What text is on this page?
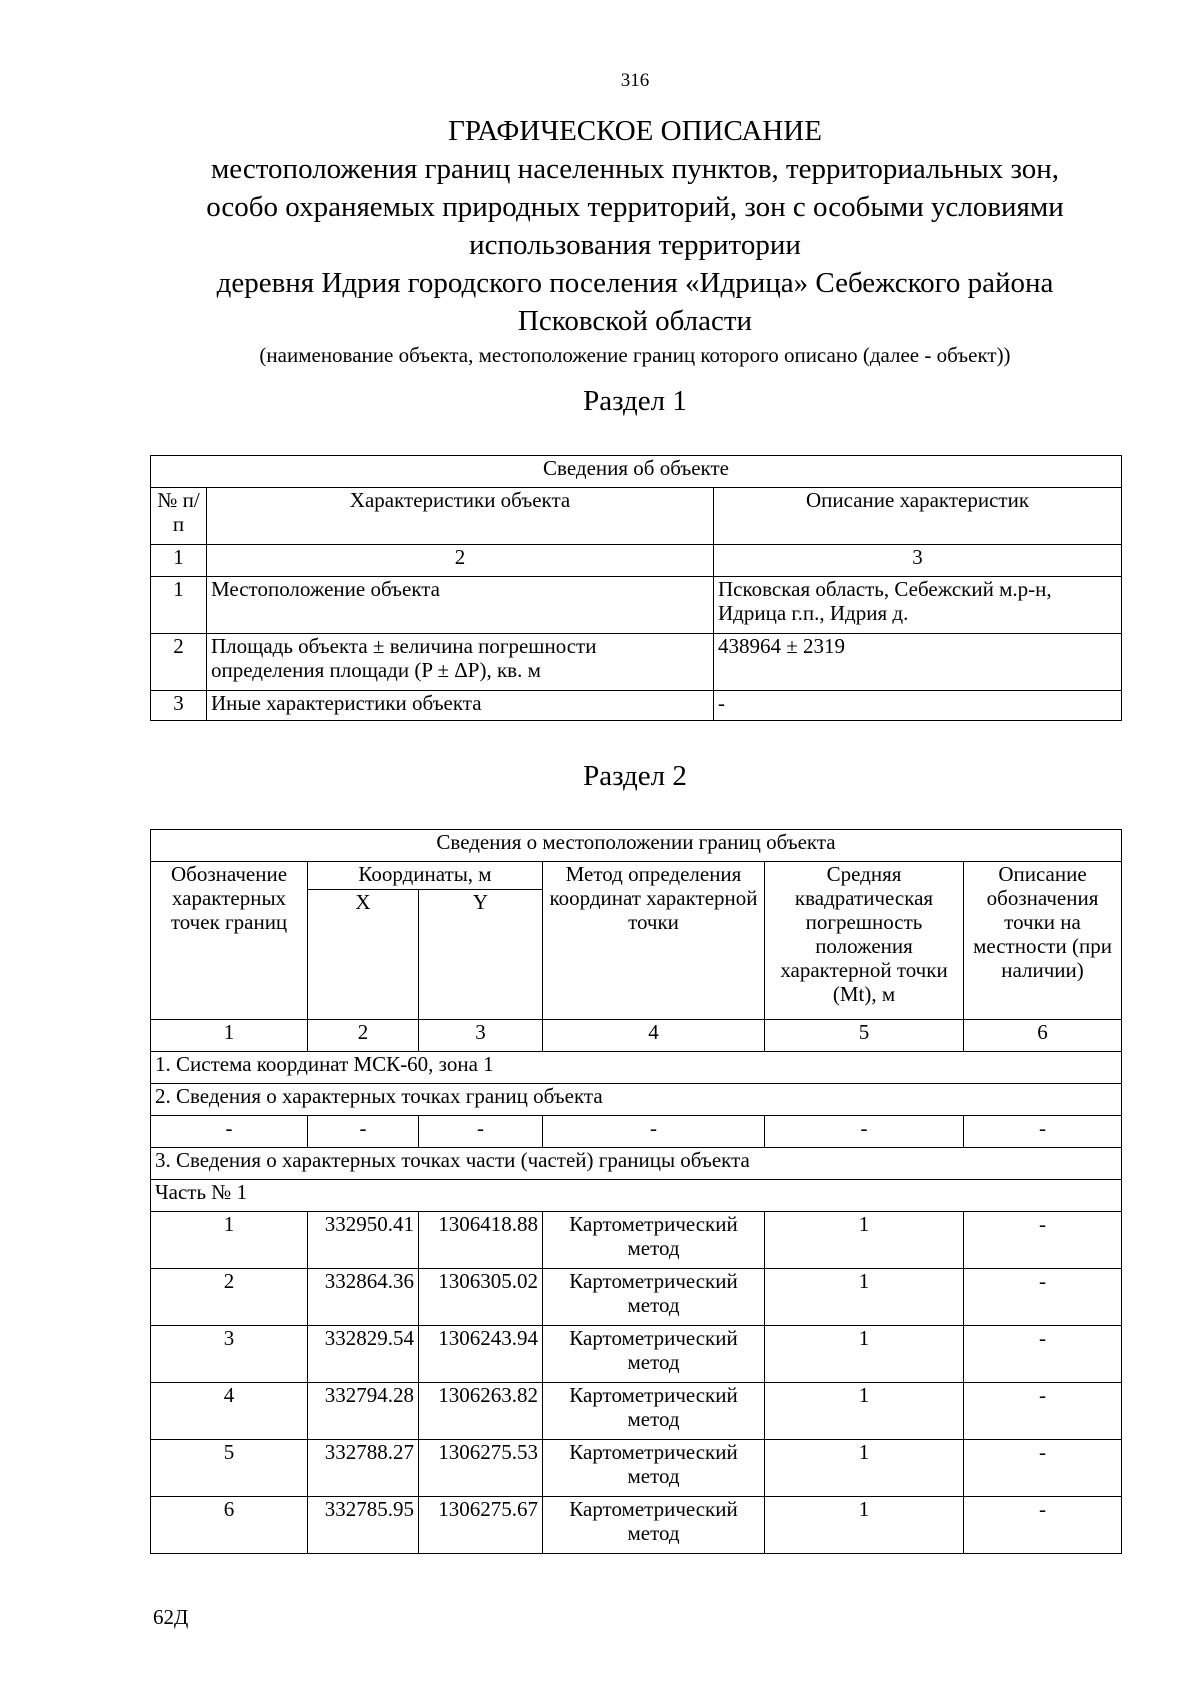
316
ГРАФИЧЕСКОЕ ОПИСАНИЕ
местоположения границ населенных пунктов, территориальных зон,
особо охраняемых природных территорий, зон с особыми условиями
использования территории
деревня Идрия городского поселения «Идрица» Себежского района
Псковской области
(наименование объекта, местоположение границ которого описано (далее - объект))
Раздел 1
Сведения об объекте		
№ п/п	Характеристики объекта	Описание характеристик
1	2	3
1	Местоположение объекта	Псковская область, Себежский м.р-н, Идрица г.п., Идрия д.
2	Площадь объекта ± величина погрешности определения площади (P ± ΔP), кв. м	438964 ± 2319
3	Иные характеристики объекта	-
Раздел 2
Сведения о местоположении границ объекта					
Обозначение характерных точек границ	Координаты, м		Метод определения координат характерной точки	Средняя квадратическая погрешность положения характерной точки (Mt), м	Описание обозначения точки на местности (при наличии)
	X	Y			
1	2	3	4	5	6
1. Система координат МСК-60, зона 1					
2. Сведения о характерных точках границ объекта					
-	-	-	-	-	-
3. Сведения о характерных точках части (частей) границы объекта					
Часть № 1					
1	332950.41	1306418.88	Картометрический метод	1	-
2	332864.36	1306305.02	Картометрический метод	1	-
3	332829.54	1306243.94	Картометрический метод	1	-
4	332794.28	1306263.82	Картометрический метод	1	-
5	332788.27	1306275.53	Картометрический метод	1	-
6	332785.95	1306275.67	Картометрический метод	1	-
62Д
